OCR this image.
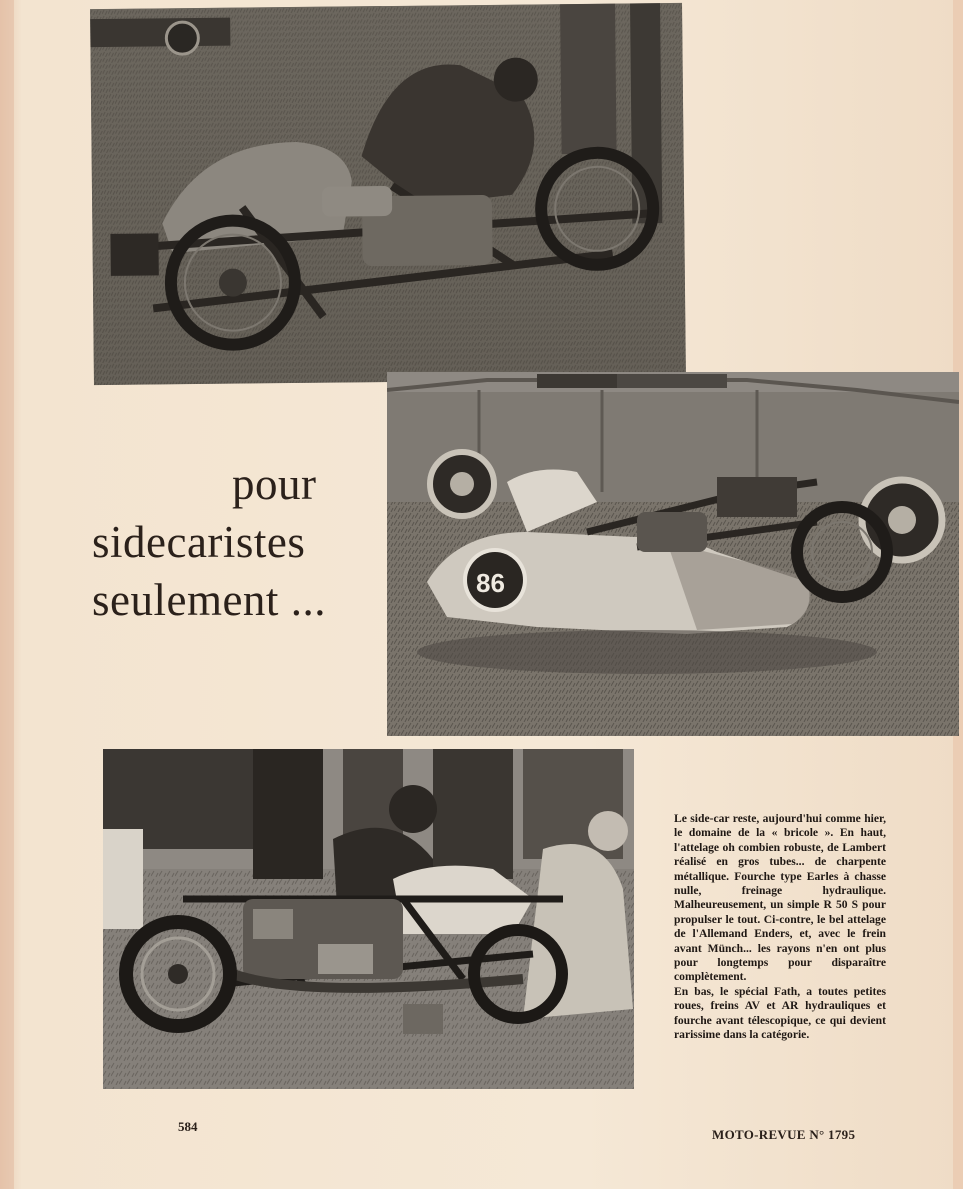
86
pour
sidecaristes
seulement ...

Le side-car reste, aujourd'hui comme hier, le domaine de la « bricole ». En haut, l'attelage oh combien robuste, de Lambert réalisé en gros tubes... de charpente métallique. Fourche type Earles à chasse nulle, freinage hydraulique. Malheureusement, un simple R 50 S pour propulser le tout. Ci-contre, le bel attelage de l'Allemand Enders, et, avec le frein avant Münch... les rayons n'en ont plus pour longtemps pour disparaître complètement.

En bas, le spécial Fath, a toutes petites roues, freins AV et AR hydrauliques et fourche avant télescopique, ce qui devient rarissime dans la catégorie.

584
MOTO-REVUE N° 1795
